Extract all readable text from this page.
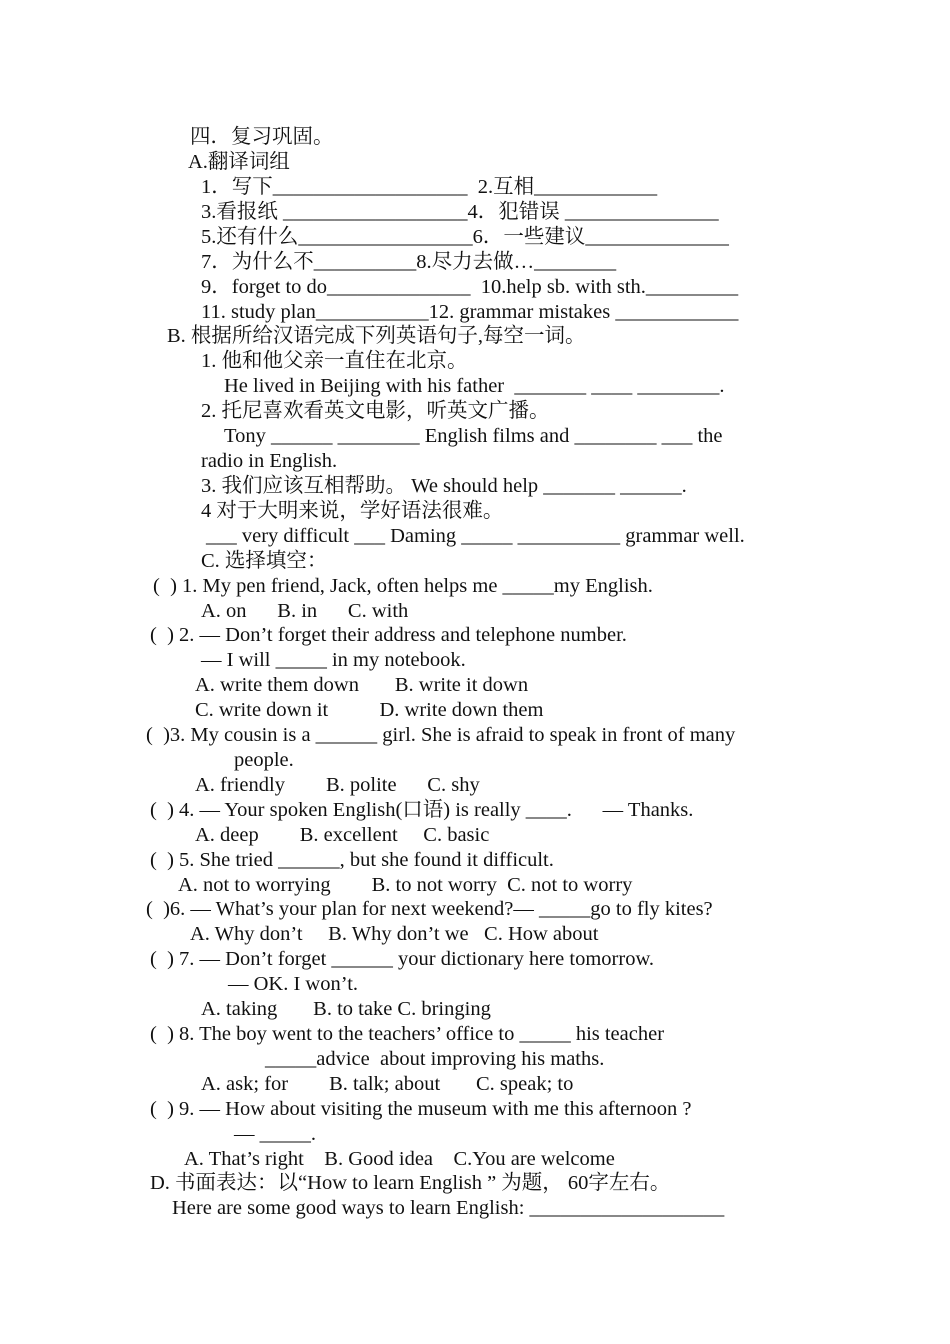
四．复习巩固。
A.翻译词组
1．写下___________________  2.互相____________
3.看报纸 __________________4．犯错误 _______________
5.还有什么_________________6．一些建议______________
7．为什么不__________8.尽力去做…________
9．forget to do______________  10.help sb. with sth._________
11. study plan___________12. grammar mistakes ____________
B. 根据所给汉语完成下列英语句子,每空一词。
1. 他和他父亲一直住在北京。
He lived in Beijing with his father  _______ ____ ________.
2. 托尼喜欢看英文电影，听英文广播。
Tony ______ ________ English films and ________ ___ the
radio in English.
3. 我们应该互相帮助。 We should help _______ ______.
4 对于大明来说，学好语法很难。
___ very difficult ___ Daming _____ __________ grammar well.
C. 选择填空：
(  ) 1. My pen friend, Jack, often helps me _____my English.
A. on      B. in      C. with
(  ) 2. — Don’t forget their address and telephone number.
— I will _____ in my notebook.
A. write them down       B. write it down
C. write down it          D. write down them
(  )3. My cousin is a ______ girl. She is afraid to speak in front of many
people.
A. friendly        B. polite      C. shy
(  ) 4. — Your spoken English(口语) is really ____.      — Thanks.
A. deep        B. excellent     C. basic
(  ) 5. She tried ______, but she found it difficult.
A. not to worrying        B. to not worry  C. not to worry
(  )6. — What’s your plan for next weekend?— _____go to fly kites?
A. Why don’t     B. Why don’t we   C. How about
(  ) 7. — Don’t forget ______ your dictionary here tomorrow.
— OK. I won’t.
A. taking       B. to take C. bringing
(  ) 8. The boy went to the teachers’ office to _____ his teacher
_____advice  about improving his maths.
A. ask; for        B. talk; about       C. speak; to
(  ) 9. — How about visiting the museum with me this afternoon ?
— _____.
A. That’s right    B. Good idea    C.You are welcome
D. 书面表达：以“How to learn English ” 为题， 60字左右。
Here are some good ways to learn English: ___________________
